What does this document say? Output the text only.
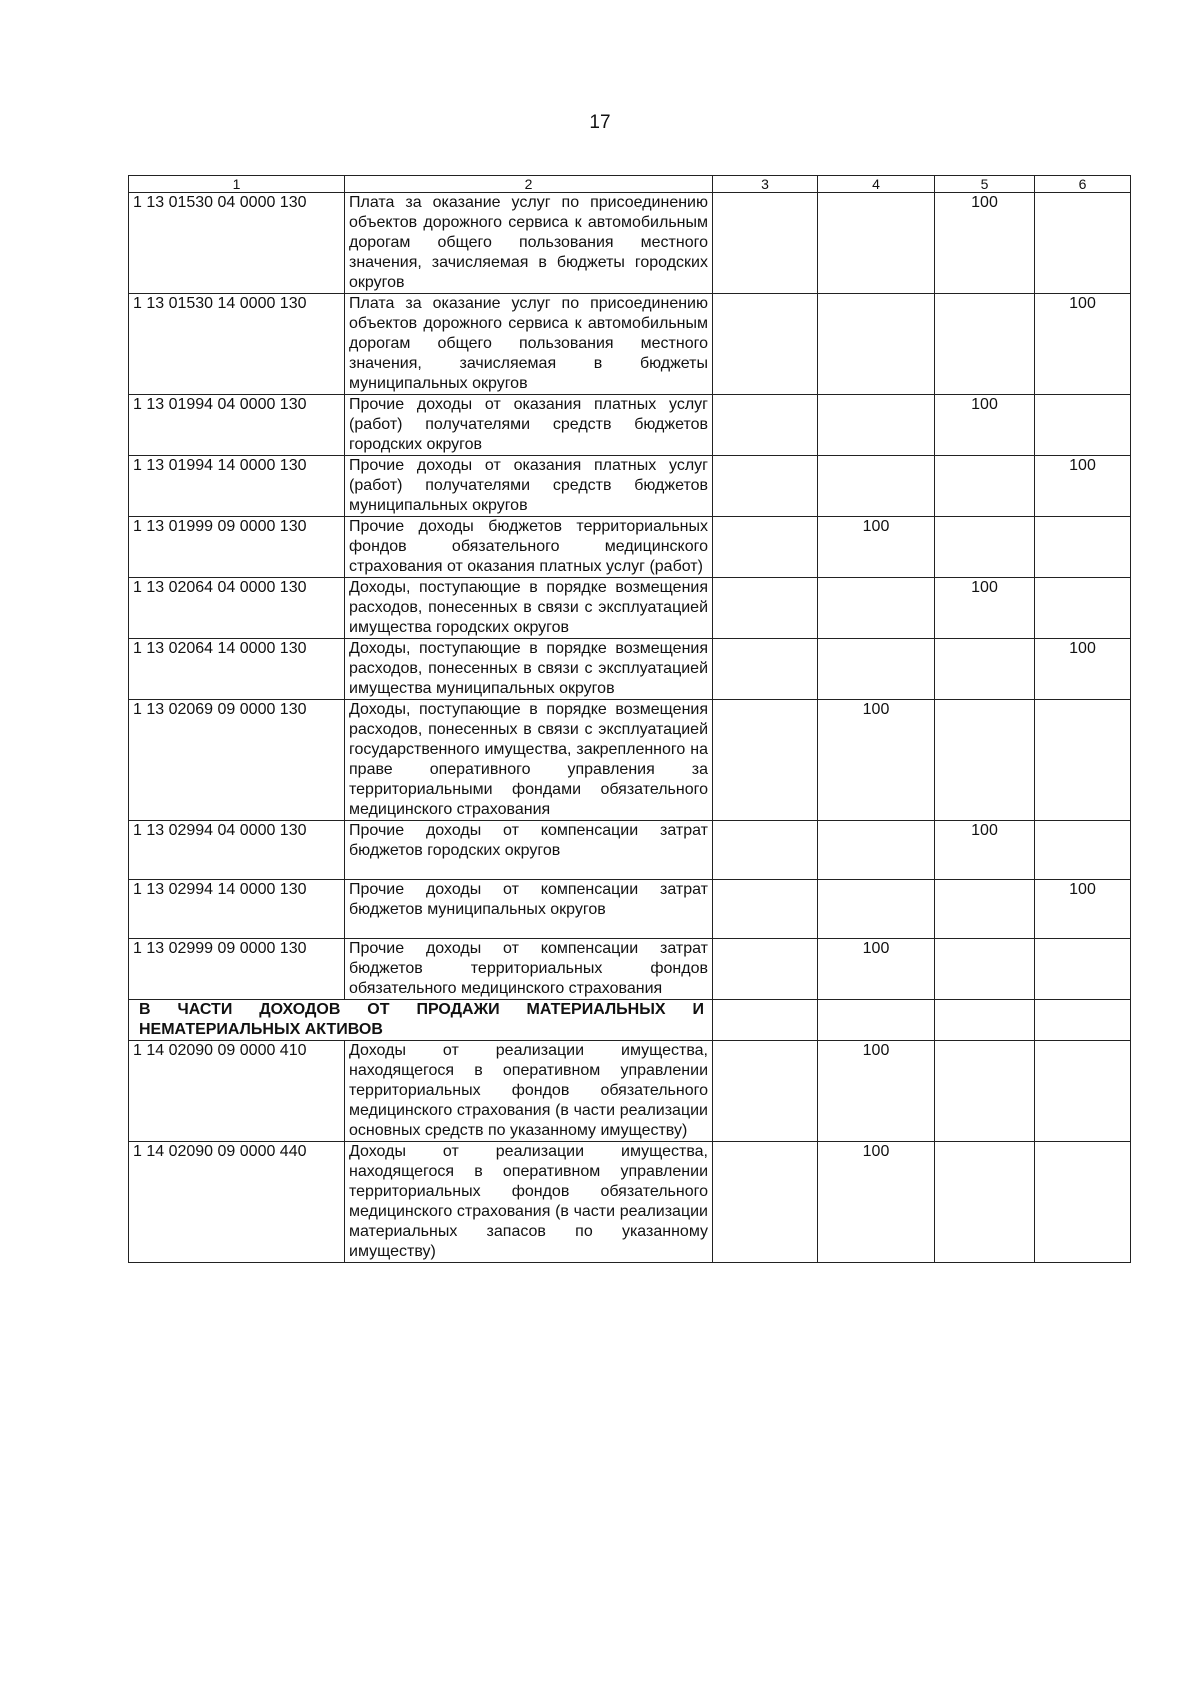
17
1	2	3	4	5	6
1 13 01530 04 0000 130	Плата за оказание услуг по присоединению объектов дорожного сервиса к автомобильным дорогам общего пользования местного значения, зачисляемая в бюджеты городских округов			100	
1 13 01530 14 0000 130	Плата за оказание услуг по присоединению объектов дорожного сервиса к автомобильным дорогам общего пользования местного значения, зачисляемая в бюджеты муниципальных округов				100
1 13 01994 04 0000 130	Прочие доходы от оказания платных услуг (работ) получателями средств бюджетов городских округов			100	
1 13 01994 14 0000 130	Прочие доходы от оказания платных услуг (работ) получателями средств бюджетов муниципальных округов				100
1 13 01999 09 0000 130	Прочие доходы бюджетов территориальных фондов обязательного медицинского страхования от оказания платных услуг (работ)		100		
1 13 02064 04 0000 130	Доходы, поступающие в порядке возмещения расходов, понесенных в связи с эксплуатацией имущества городских округов			100	
1 13 02064 14 0000 130	Доходы, поступающие в порядке возмещения расходов, понесенных в связи с эксплуатацией имущества муниципальных округов				100
1 13 02069 09 0000 130	Доходы, поступающие в порядке возмещения расходов, понесенных в связи с эксплуатацией государственного имущества, закрепленного на праве оперативного управления за территориальными фондами обязательного медицинского страхования		100		
1 13 02994 04 0000 130	Прочие доходы от компенсации затрат бюджетов городских округов			100	
1 13 02994 14 0000 130	Прочие доходы от компенсации затрат бюджетов муниципальных округов				100
1 13 02999 09 0000 130	Прочие доходы от компенсации затрат бюджетов территориальных фондов обязательного медицинского страхования		100		
В ЧАСТИ ДОХОДОВ ОТ ПРОДАЖИ МАТЕРИАЛЬНЫХ И НЕМАТЕРИАЛЬНЫХ АКТИВОВ					
1 14 02090 09 0000 410	Доходы от реализации имущества, находящегося в оперативном управлении территориальных фондов обязательного медицинского страхования (в части реализации основных средств по указанному имуществу)		100		
1 14 02090 09 0000 440	Доходы от реализации имущества, находящегося в оперативном управлении территориальных фондов обязательного медицинского страхования (в части реализации материальных запасов по указанному имуществу)		100		
